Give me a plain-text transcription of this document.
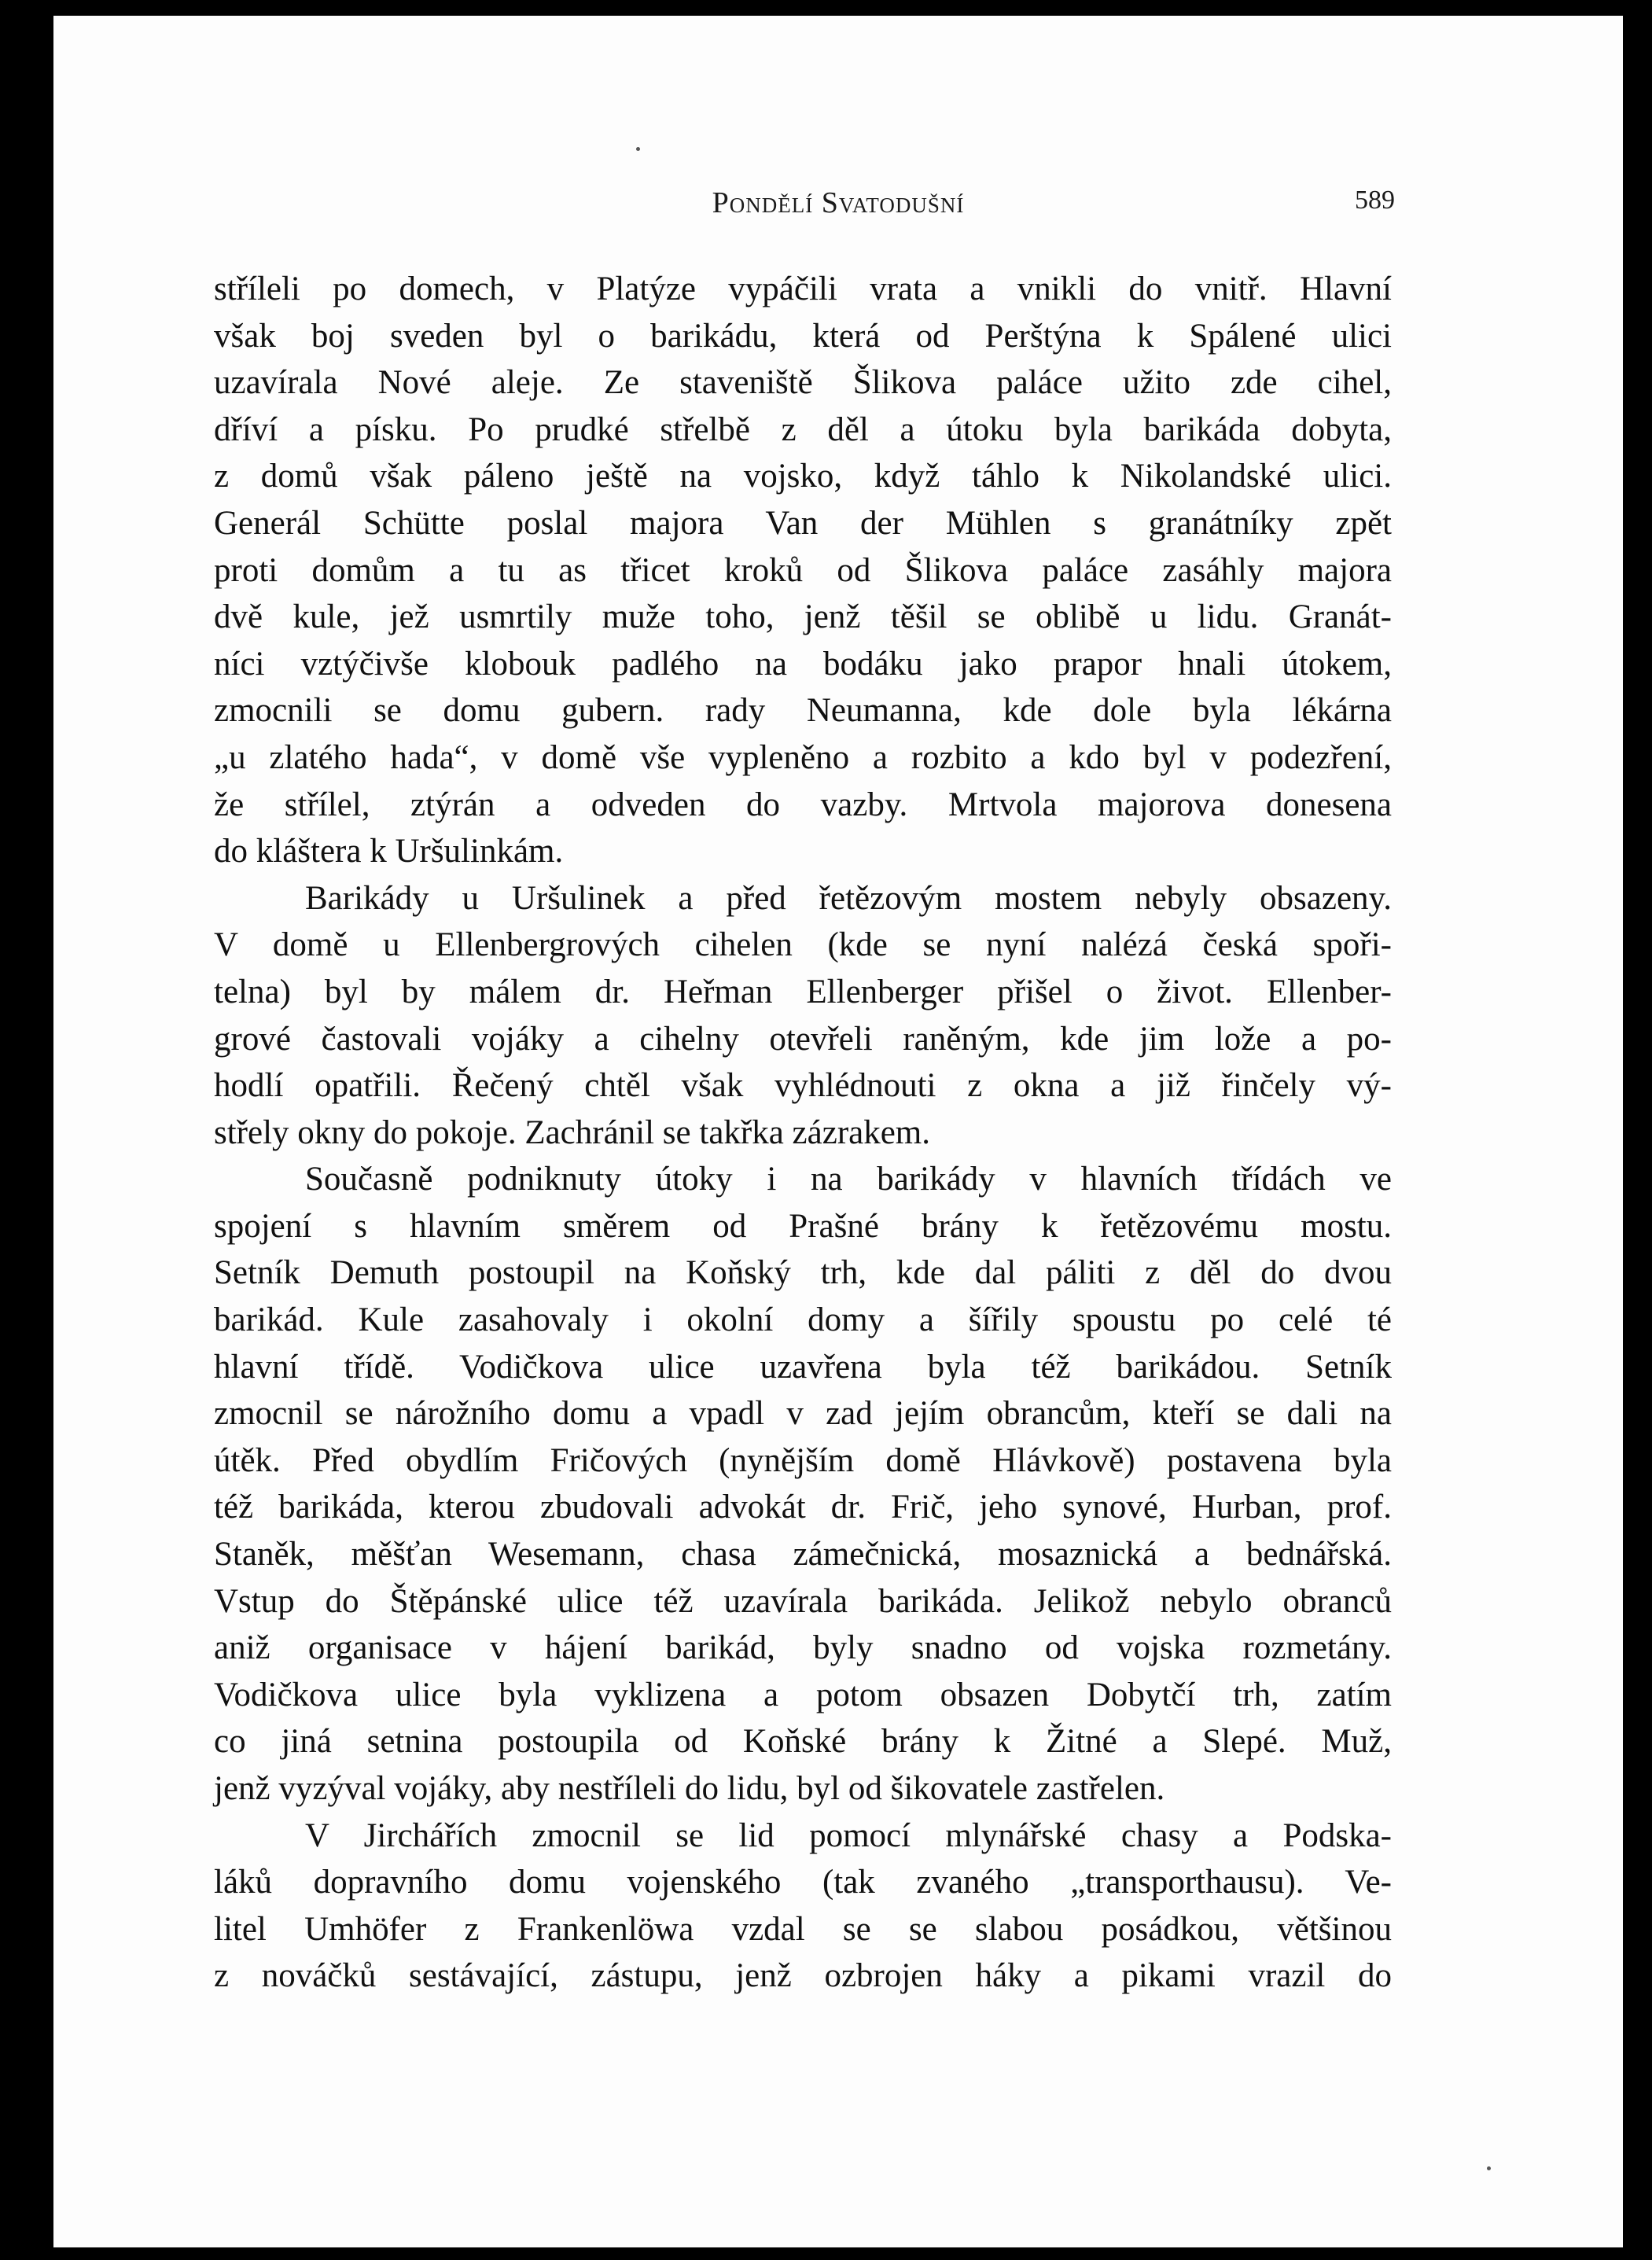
Pondělí Svatodušní	589
stříleli po domech, v Platýze vypáčili vrata a vnikli do vnitř. Hlavní
však boj sveden byl o barikádu, která od Perštýna k Spálené ulici
uzavírala Nové aleje. Ze staveniště Šlikova paláce užito zde cihel,
dříví a písku. Po prudké střelbě z děl a útoku byla barikáda dobyta,
z domů však páleno ještě na vojsko, když táhlo k Nikolandské ulici.
Generál Schütte poslal majora Van der Mühlen s granátníky zpět
proti domům a tu as třicet kroků od Šlikova paláce zasáhly majora
dvě kule, jež usmrtily muže toho, jenž těšil se oblibě u lidu. Granát-
níci vztýčivše klobouk padlého na bodáku jako prapor hnali útokem,
zmocnili se domu gubern. rady Neumanna, kde dole byla lékárna
„u zlatého hada“, v domě vše vypleněno a rozbito a kdo byl v podezření,
že střílel, ztýrán a odveden do vazby. Mrtvola majorova donesena
do kláštera k Uršulinkám.
Barikády u Uršulinek a před řetězovým mostem nebyly obsazeny.
V domě u Ellenbergrových cihelen (kde se nyní nalézá česká spoři-
telna) byl by málem dr. Heřman Ellenberger přišel o život. Ellenber-
grové častovali vojáky a cihelny otevřeli raněným, kde jim lože a po-
hodlí opatřili. Řečený chtěl však vyhlédnouti z okna a již řinčely vý-
střely okny do pokoje. Zachránil se takřka zázrakem.
Současně podniknuty útoky i na barikády v hlavních třídách ve
spojení s hlavním směrem od Prašné brány k řetězovému mostu.
Setník Demuth postoupil na Koňský trh, kde dal páliti z děl do dvou
barikád. Kule zasahovaly i okolní domy a šířily spoustu po celé té
hlavní třídě. Vodičkova ulice uzavřena byla též barikádou. Setník
zmocnil se nárožního domu a vpadl v zad jejím obrancům, kteří se dali na
útěk. Před obydlím Fričových (nynějším domě Hlávkově) postavena byla
též barikáda, kterou zbudovali advokát dr. Frič, jeho synové, Hurban, prof.
Staněk, měšťan Wesemann, chasa zámečnická, mosaznická a bednářská.
Vstup do Štěpánské ulice též uzavírala barikáda. Jelikož nebylo obranců
aniž organisace v hájení barikád, byly snadno od vojska rozmetány.
Vodičkova ulice byla vyklizena a potom obsazen Dobytčí trh, zatím
co jiná setnina postoupila od Koňské brány k Žitné a Slepé. Muž,
jenž vyzýval vojáky, aby nestříleli do lidu, byl od šikovatele zastřelen.
V Jirchářích zmocnil se lid pomocí mlynářské chasy a Podska-
láků dopravního domu vojenského (tak zvaného „transporthausu). Ve-
litel Umhöfer z Frankenlöwa vzdal se se slabou posádkou, většinou
z nováčků sestávající, zástupu, jenž ozbrojen háky a pikami vrazil do
